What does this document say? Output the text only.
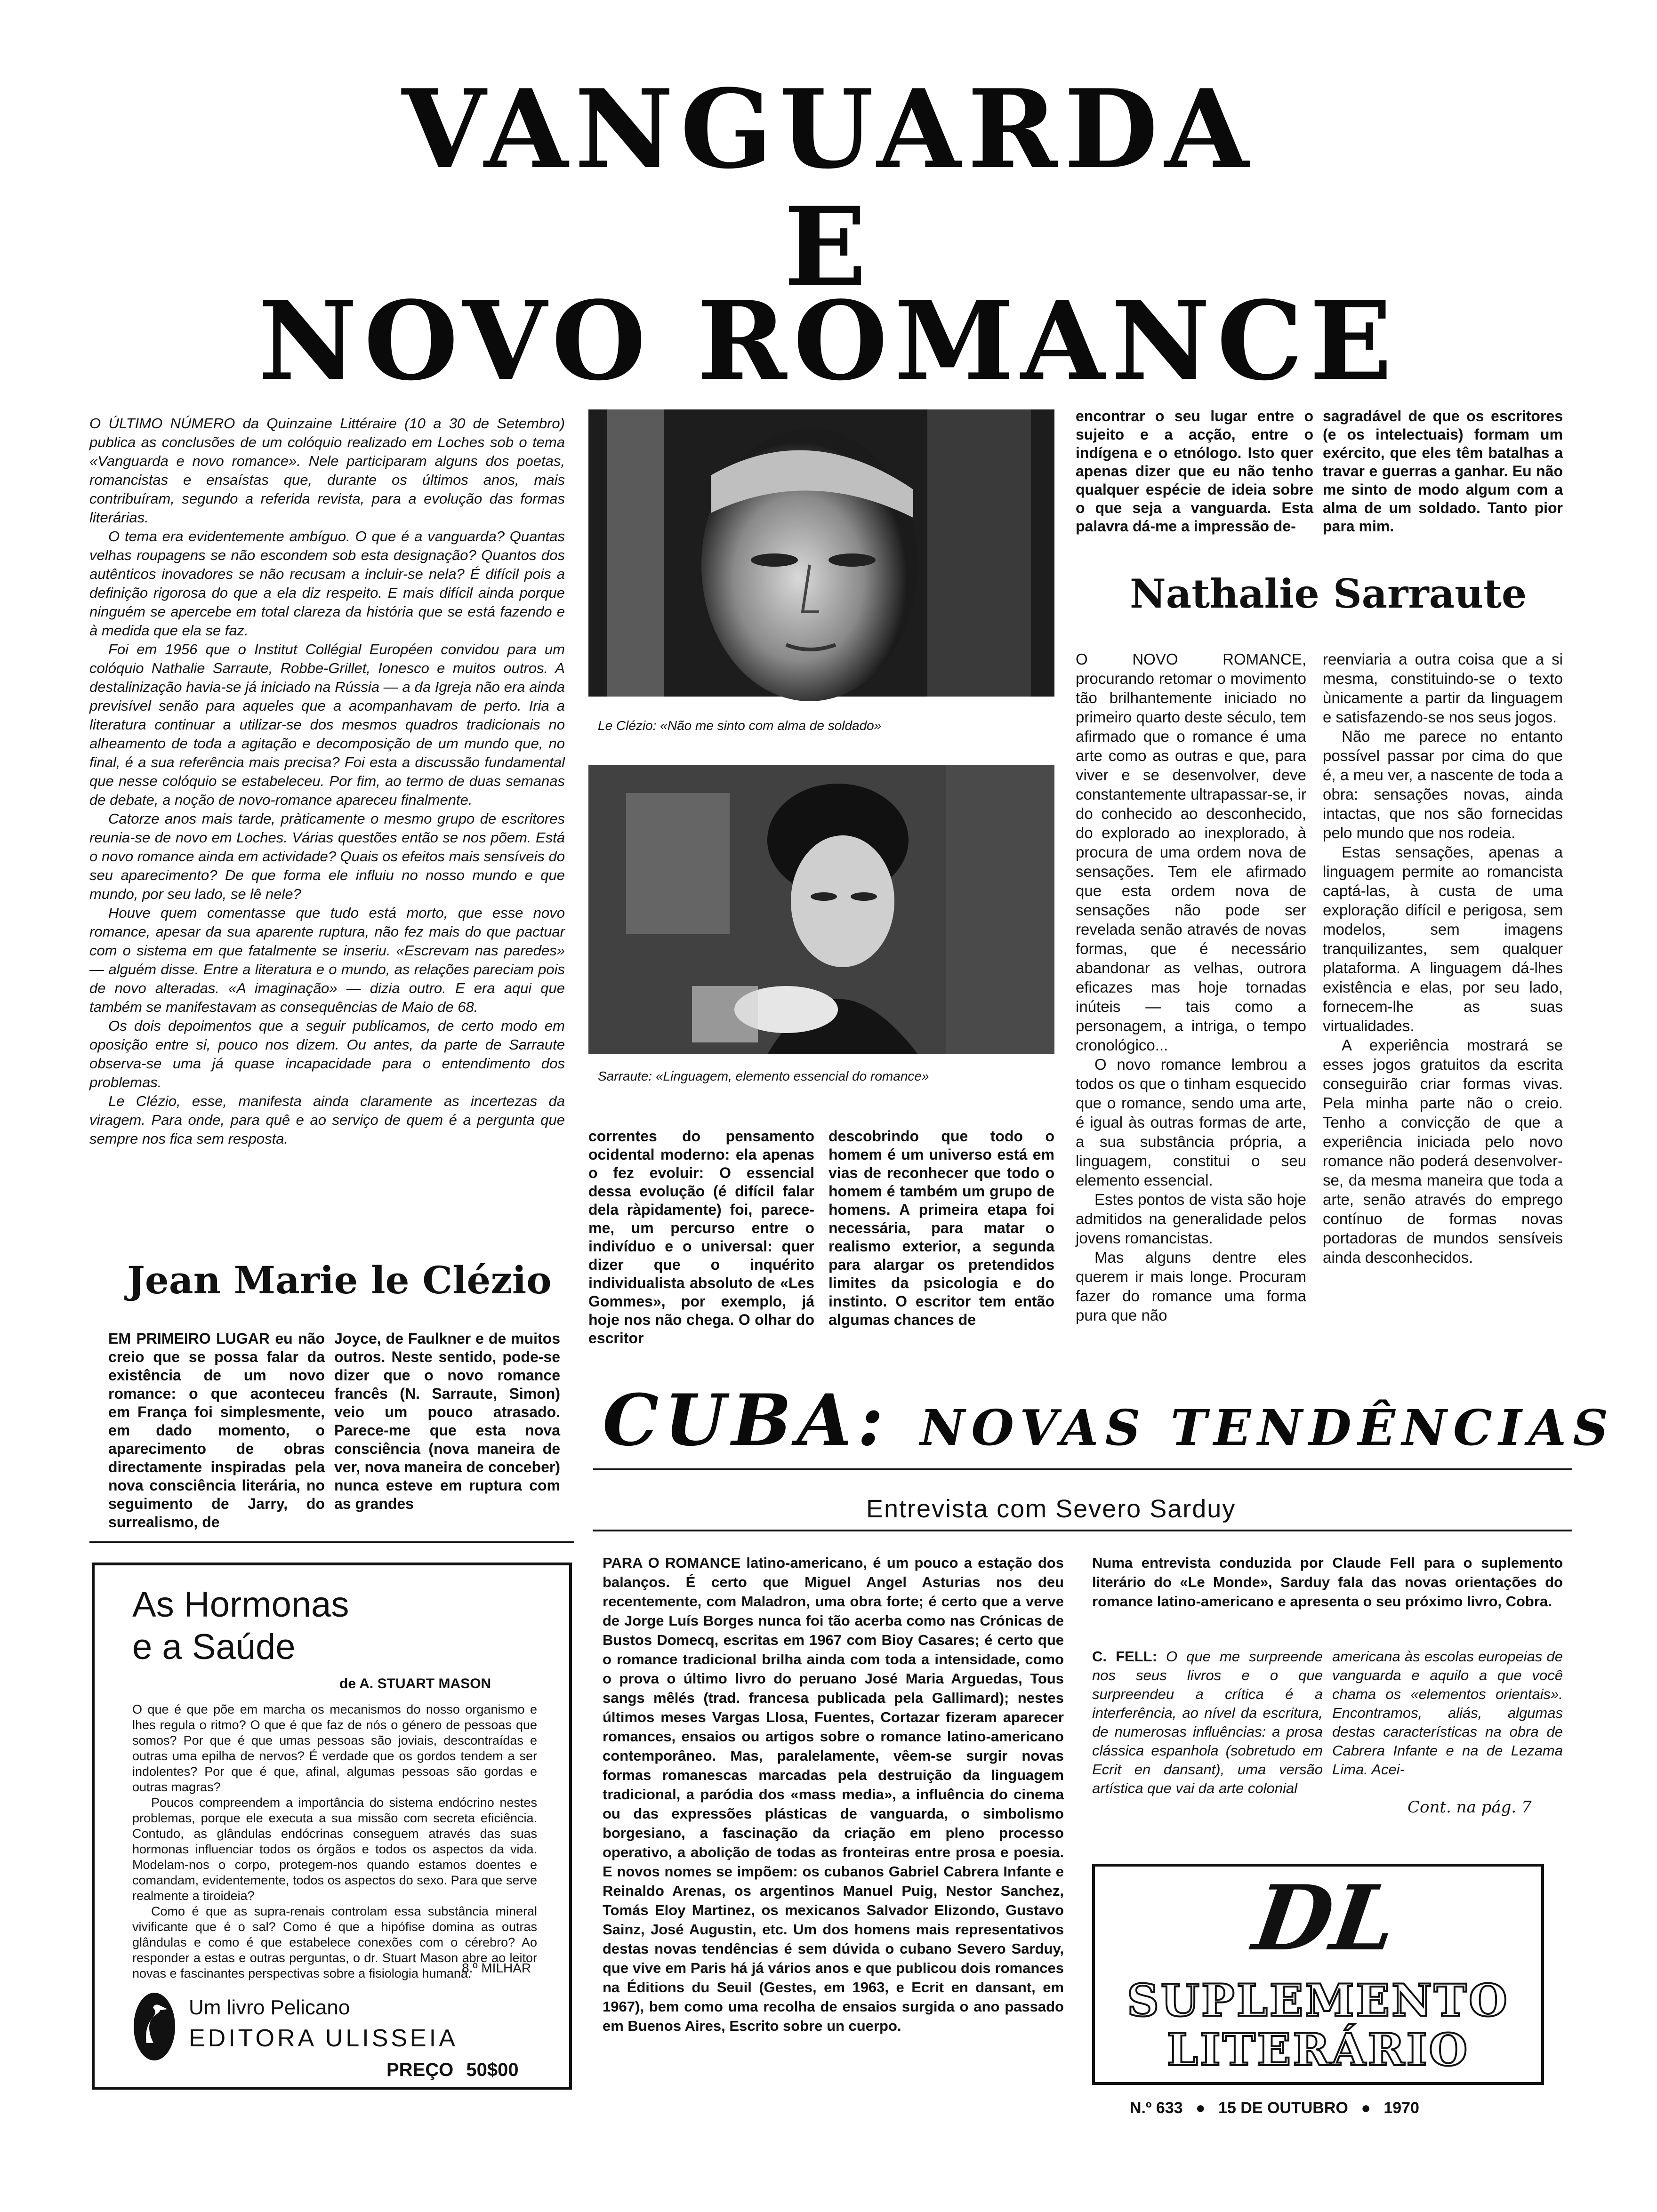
VANGUARDA
E
NOVO ROMANCE

O ÚLTIMO NÚMERO da Quinzaine Littéraire (10 a 30 de Setembro) publica as conclusões de um colóquio realizado em Loches sob o tema «Vanguarda e novo romance». Nele participaram alguns dos poetas, romancistas e ensaístas que, durante os últimos anos, mais contribuíram, segundo a referida revista, para a evolução das formas literárias.

O tema era evidentemente ambíguo. O que é a vanguarda? Quantas velhas roupagens se não escondem sob esta designação? Quantos dos autênticos inovadores se não recusam a incluir-se nela? É difícil pois a definição rigorosa do que a ela diz respeito. E mais difícil ainda porque ninguém se apercebe em total clareza da história que se está fazendo e à medida que ela se faz.

Foi em 1956 que o Institut Collégial Européen convidou para um colóquio Nathalie Sarraute, Robbe-Grillet, Ionesco e muitos outros. A destalinização havia-se já iniciado na Rússia — a da Igreja não era ainda previsível senão para aqueles que a acompanhavam de perto. Iria a literatura continuar a utilizar-se dos mesmos quadros tradicionais no alheamento de toda a agitação e decomposição de um mundo que, no final, é a sua referência mais precisa? Foi esta a discussão fundamental que nesse colóquio se estabeleceu. Por fim, ao termo de duas semanas de debate, a noção de novo-romance apareceu finalmente.

Catorze anos mais tarde, pràticamente o mesmo grupo de escritores reunia-se de novo em Loches. Várias questões então se nos põem. Está o novo romance ainda em actividade? Quais os efeitos mais sensíveis do seu aparecimento? De que forma ele influiu no nosso mundo e que mundo, por seu lado, se lê nele?

Houve quem comentasse que tudo está morto, que esse novo romance, apesar da sua aparente ruptura, não fez mais do que pactuar com o sistema em que fatalmente se inseriu. «Escrevam nas paredes» — alguém disse. Entre a literatura e o mundo, as relações pareciam pois de novo alteradas. «A imaginação» — dizia outro. E era aqui que também se manifestavam as consequências de Maio de 68.

Os dois depoimentos que a seguir publicamos, de certo modo em oposição entre si, pouco nos dizem. Ou antes, da parte de Sarraute observa-se uma já quase incapacidade para o entendimento dos problemas.

Le Clézio, esse, manifesta ainda claramente as incertezas da viragem. Para onde, para quê e ao serviço de quem é a pergunta que sempre nos fica sem resposta.

Le Clézio: «Não me sinto com alma de soldado»
Sarraute: «Linguagem, elemento essencial do romance»
encontrar o seu lugar entre o sujeito e a acção, entre o indígena e o etnólogo. Isto quer apenas dizer que eu não tenho qualquer espécie de ideia sobre o que seja a vanguarda. Esta palavra dá-me a impressão de-
sagradável de que os escritores (e os intelectuais) formam um exército, que eles têm batalhas a travar e guerras a ganhar. Eu não me sinto de modo algum com a alma de um soldado. Tanto pior para mim.
Nathalie Sarraute

O NOVO ROMANCE, procurando retomar o movimento tão brilhantemente iniciado no primeiro quarto deste século, tem afirmado que o romance é uma arte como as outras e que, para viver e se desenvolver, deve constantemente ultrapassar-se, ir do conhecido ao desconhecido, do explorado ao inexplorado, à procura de uma ordem nova de sensações. Tem ele afirmado que esta ordem nova de sensações não pode ser revelada senão através de novas formas, que é necessário abandonar as velhas, outrora eficazes mas hoje tornadas inúteis — tais como a personagem, a intriga, o tempo cronológico...

O novo romance lembrou a todos os que o tinham esquecido que o romance, sendo uma arte, é igual às outras formas de arte, a sua substância própria, a linguagem, constitui o seu elemento essencial.

Estes pontos de vista são hoje admitidos na generalidade pelos jovens romancistas.

Mas alguns dentre eles querem ir mais longe. Procuram fazer do romance uma forma pura que não

reenviaria a outra coisa que a si mesma, constituindo-se o texto ùnicamente a partir da linguagem e satisfazendo-se nos seus jogos.

Não me parece no entanto possível passar por cima do que é, a meu ver, a nascente de toda a obra: sensações novas, ainda intactas, que nos são fornecidas pelo mundo que nos rodeia.

Estas sensações, apenas a linguagem permite ao romancista captá-las, à custa de uma exploração difícil e perigosa, sem modelos, sem imagens tranquilizantes, sem qualquer plataforma. A linguagem dá-lhes existência e elas, por seu lado, fornecem-lhe as suas virtualidades.

A experiência mostrará se esses jogos gratuitos da escrita conseguirão criar formas vivas. Pela minha parte não o creio. Tenho a convicção de que a experiência iniciada pelo novo romance não poderá desenvolver-se, da mesma maneira que toda a arte, senão através do emprego contínuo de formas novas portadoras de mundos sensíveis ainda desconhecidos.

Jean Marie le Clézio
EM PRIMEIRO LUGAR eu não creio que se possa falar da existência de um novo romance: o que aconteceu em França foi simplesmente, em dado momento, o aparecimento de obras directamente inspiradas pela nova consciência literária, no seguimento de Jarry, do surrealismo, de
Joyce, de Faulkner e de muitos outros. Neste sentido, pode-se dizer que o novo romance francês (N. Sarraute, Simon) veio um pouco atrasado. Parece-me que esta nova consciência (nova maneira de ver, nova maneira de conceber) nunca esteve em ruptura com as grandes
correntes do pensamento ocidental moderno: ela apenas o fez evoluir: O essencial dessa evolução (é difícil falar dela ràpidamente) foi, parece-me, um percurso entre o indivíduo e o universal: quer dizer que o inquérito individualista absoluto de «Les Gommes», por exemplo, já hoje nos não chega. O olhar do escritor
descobrindo que todo o homem é um universo está em vias de reconhecer que todo o homem é também um grupo de homens. A primeira etapa foi necessária, para matar o realismo exterior, a segunda para alargar os pretendidos limites da psicologia e do instinto. O escritor tem então algumas chances de
CUBA: NOVAS TENDÊNCIAS
Entrevista com Severo Sarduy
PARA O ROMANCE latino-americano, é um pouco a estação dos balanços. É certo que Miguel Angel Asturias nos deu recentemente, com Maladron, uma obra forte; é certo que a verve de Jorge Luís Borges nunca foi tão acerba como nas Crónicas de Bustos Domecq, escritas em 1967 com Bioy Casares; é certo que o romance tradicional brilha ainda com toda a intensidade, como o prova o último livro do peruano José Maria Arguedas, Tous sangs mêlés (trad. francesa publicada pela Gallimard); nestes últimos meses Vargas Llosa, Fuentes, Cortazar fizeram aparecer romances, ensaios ou artigos sobre o romance latino-americano contemporâneo. Mas, paralelamente, vêem-se surgir novas formas romanescas marcadas pela destruição da linguagem tradicional, a paródia dos «mass media», a influência do cinema ou das expressões plásticas de vanguarda, o simbolismo borgesiano, a fascinação da criação em pleno processo operativo, a abolição de todas as fronteiras entre prosa e poesia. E novos nomes se impõem: os cubanos Gabriel Cabrera Infante e Reinaldo Arenas, os argentinos Manuel Puig, Nestor Sanchez, Tomás Eloy Martinez, os mexicanos Salvador Elizondo, Gustavo Sainz, José Augustin, etc. Um dos homens mais representativos destas novas tendências é sem dúvida o cubano Severo Sarduy, que vive em Paris há já vários anos e que publicou dois romances na Éditions du Seuil (Gestes, em 1963, e Ecrit en dansant, em 1967), bem como uma recolha de ensaios surgida o ano passado em Buenos Aires, Escrito sobre un cuerpo.
Numa entrevista conduzida por Claude Fell para o suplemento literário do «Le Monde», Sarduy fala das novas orientações do romance latino-americano e apresenta o seu próximo livro, Cobra.
C. FELL: O que me surpreende nos seus livros e o que surpreendeu a crítica é a interferência, ao nível da escritura, de numerosas influências: a prosa clássica espanhola (sobretudo em Ecrit en dansant), uma versão artística que vai da arte colonial
americana às escolas europeias de vanguarda e aquilo a que você chama os «elementos orientais». Encontramos, aliás, algumas destas características na obra de Cabrera Infante e na de Lezama Lima. Acei-
Cont. na pág. 7
DL
SUPLEMENTO
LITERÁRIO
N.º 633 ● 15 DE OUTUBRO ● 1970
As Hormonas
e a Saúde
de A. STUART MASON

O que é que põe em marcha os mecanismos do nosso organismo e lhes regula o ritmo? O que é que faz de nós o género de pessoas que somos? Por que é que umas pessoas são joviais, descontraídas e outras uma epilha de nervos? É verdade que os gordos tendem a ser indolentes? Por que é que, afinal, algumas pessoas são gordas e outras magras?

Poucos compreendem a importância do sistema endócrino nestes problemas, porque ele executa a sua missão com secreta eficiência. Contudo, as glândulas endócrinas conseguem através das suas hormonas influenciar todos os órgãos e todos os aspectos da vida. Modelam-nos o corpo, protegem-nos quando estamos doentes e comandam, evidentemente, todos os aspectos do sexo. Para que serve realmente a tiroideia?

Como é que as supra-renais controlam essa substância mineral vivificante que é o sal? Como é que a hipófise domina as outras glândulas e como é que estabelece conexões com o cérebro? Ao responder a estas e outras perguntas, o dr. Stuart Mason abre ao leitor novas e fascinantes perspectivas sobre a fisiologia humana.

8.º MILHAR
Um livro Pelicano
EDITORA ULISSEIA
PREÇO 50$00
